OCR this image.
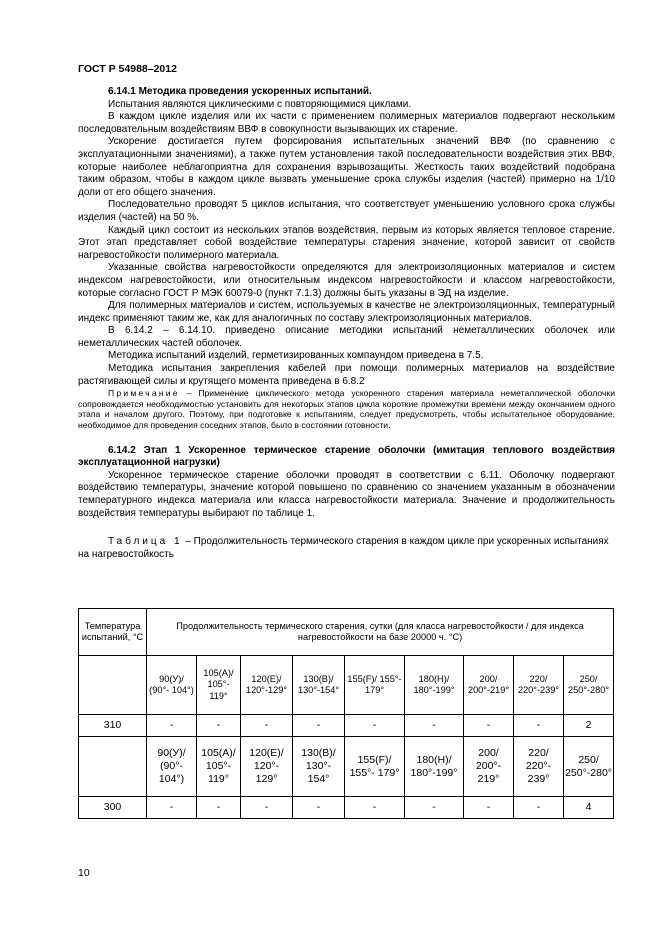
ГОСТ Р 54988–2012

6.14.1 Методика проведения ускоренных испытаний.

Испытания являются циклическими с повторяющимися циклами.

В каждом цикле изделия или их части с применением полимерных материалов подвергают нескольким последовательным воздействиям ВВФ в совокупности вызывающих их старение.

Ускорение достигается путем форсирования испытательных значений ВВФ (по сравнению с эксплуатационными значениями), а также путем установления такой последовательности воздействия этих ВВФ, которые наиболее неблагоприятна для сохранения взрывозащиты. Жесткость таких воздействий подобрана таким образом, чтобы в каждом цикле вызвать уменьшение срока службы изделия (частей) примерно на 1/10 доли от его общего значения.

Последовательно проводят 5 циклов испытания, что соответствует уменьшению условного срока службы изделия (частей) на 50 %.

Каждый цикл состоит из нескольких этапов воздействия, первым из которых является тепловое старение. Этот этап представляет собой воздействие температуры старения значение, которой зависит от свойств нагревостойкости полимерного материала.

Указанные свойства нагревостойкости определяются для электроизоляционных материалов и систем индексом нагревостойкости, или относительным индексом нагревостойкости и классом нагревостойкости, которые согласно ГОСТ Р МЭК 60079-0 (пункт 7.1.3) должны быть указаны в ЭД на изделие.

Для полимерных материалов и систем, используемых в качестве не электроизоляционных, температурный индекс применяют таким же, как для аналогичных по составу электроизоляционных материалов.

В 6.14.2 – 6.14.10. приведено описание методики испытаний неметаллических оболочек или неметаллических частей оболочек.

Методика испытаний изделий, герметизированных компаундом приведена в 7.5.

Методика испытания закрепления кабелей при помощи полимерных материалов на воздействие растягивающей силы и крутящего момента приведена в 6.8.2

Примечание – Применение циклического метода ускоренного старения материала неметаллической оболочки сопровождается необходимостью установить для некоторых этапов цикла короткие промежутки времени между окончанием одного этапа и началом другого. Поэтому, при подготовке к испытаниям, следует предусмотреть, чтобы испытательное оборудование, необходимое для проведения соседних этапов, было в состоянии готовности.

6.14.2 Этап 1 Ускоренное термическое старение оболочки (имитация теплового воздействия эксплуатационной нагрузки)

Ускоренное термическое старение оболочки проводят в соответствии с 6.11. Оболочку подвергают воздействию температуры, значение которой повышено по сравнению со значением указанным в обозначении температурного индекса материала или класса нагревостойкости материала. Значение и продолжительность воздействия температуры выбирают по таблице 1.

Таблица 1 – Продолжительность термического старения в каждом цикле при ускоренных испытаниях на нагревостойкость

Температура испытаний, °С	Продолжительность термического старения, сутки (для класса нагревостойкости / для индекса нагревостойкости на базе 20000 ч. °С)								
	90(У)/ (90°- 104°)	105(А)/ 105°- 119°	120(Е)/ 120°-129°	130(В)/ 130°-154°	155(F)/ 155°- 179°	180(Н)/ 180°-199°	200/ 200°-219°	220/ 220°-239°	250/ 250°-280°
310	-	-	-	-	-	-	-	-	2
	90(У)/ (90°- 104°)	105(А)/ 105°- 119°	120(Е)/ 120°- 129°	130(В)/ 130°- 154°	155(F)/ 155°- 179°	180(Н)/ 180°-199°	200/ 200°- 219°	220/ 220°- 239°	250/ 250°-280°
300	-	-	-	-	-	-	-	-	4
10
